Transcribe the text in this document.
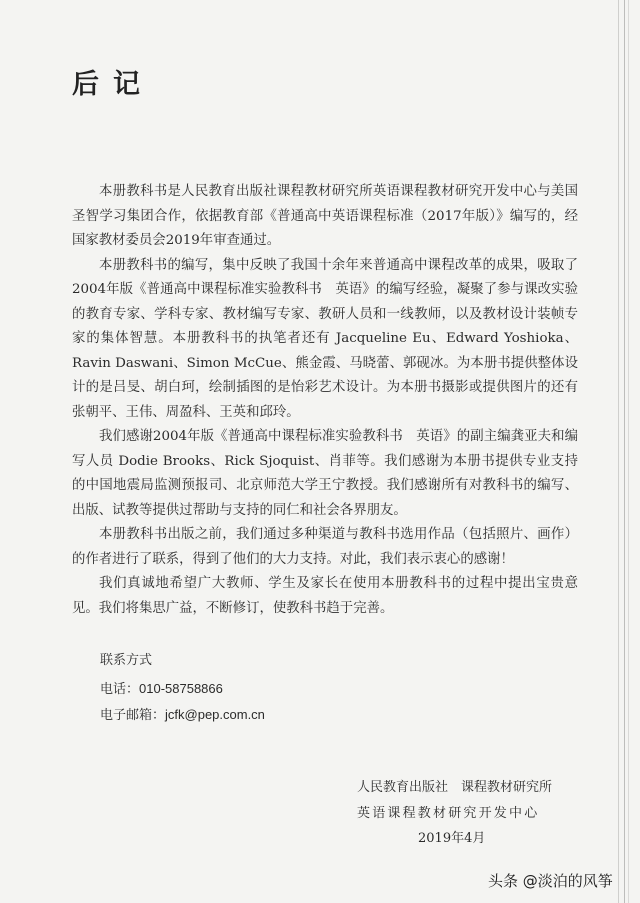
后记

本册教科书是人民教育出版社课程教材研究所英语课程教材研究开发中心与美国圣智学习集团合作，依据教育部《普通高中英语课程标准（2017年版）》编写的，经国家教材委员会2019年审查通过。

本册教科书的编写，集中反映了我国十余年来普通高中课程改革的成果，吸取了2004年版《普通高中课程标准实验教科书　英语》的编写经验，凝聚了参与课改实验的教育专家、学科专家、教材编写专家、教研人员和一线教师，以及教材设计装帧专家的集体智慧。本册教科书的执笔者还有 Jacqueline Eu、Edward Yoshioka、Ravin Daswani、Simon McCue、熊金霞、马晓蕾、郭砚冰。为本册书提供整体设计的是吕旻、胡白珂，绘制插图的是怡彩艺术设计。为本册书摄影或提供图片的还有张朝平、王伟、周盈科、王英和邱玲。

我们感谢2004年版《普通高中课程标准实验教科书　英语》的副主编龚亚夫和编写人员 Dodie Brooks、Rick Sjoquist、肖菲等。我们感谢为本册书提供专业支持的中国地震局监测预报司、北京师范大学王宁教授。我们感谢所有对教科书的编写、出版、试教等提供过帮助与支持的同仁和社会各界朋友。

本册教科书出版之前，我们通过多种渠道与教科书选用作品（包括照片、画作）的作者进行了联系，得到了他们的大力支持。对此，我们表示衷心的感谢！

我们真诚地希望广大教师、学生及家长在使用本册教科书的过程中提出宝贵意见。我们将集思广益，不断修订，使教科书趋于完善。

联系方式
电话：010-58758866
电子邮箱：jcfk@pep.com.cn
人民教育出版社　课程教材研究所
英语课程教材研究开发中心
2019年4月
头条 @淡泊的风筝
